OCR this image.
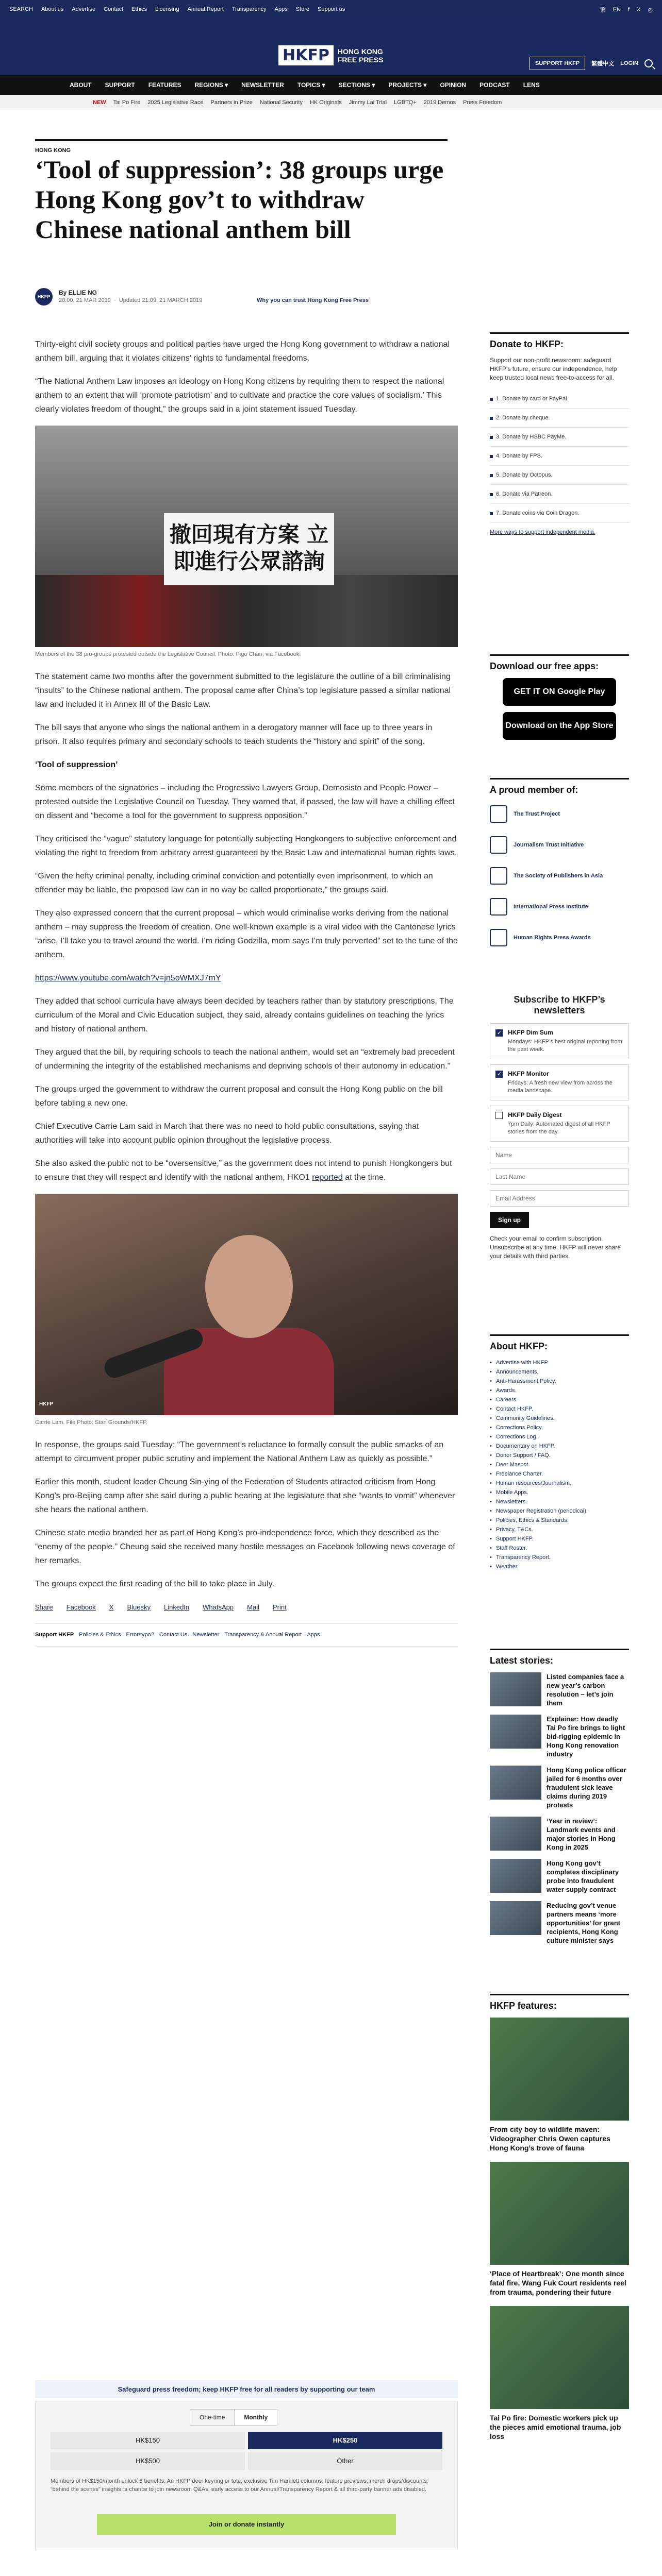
SEARCH About us Advertise Contact Ethics Licensing Annual Report Transparency Apps Store Support us	繁 EN f X ◎
HKFP	HONG KONG
FREE PRESS	SUPPORT HKFP	繁體中文 LOGIN
ABOUT SUPPORT FEATURES REGIONS ▾ NEWSLETTER TOPICS ▾ SECTIONS ▾ PROJECTS ▾ OPINION PODCAST LENS
NEW Tai Po Fire 2025 Legislative Race Partners in Prize National Security HK Originals Jimmy Lai Trial LGBTQ+ 2019 Demos Press Freedom
HONG KONG
‘Tool of suppression’: 38 groups urge Hong Kong gov’t to withdraw Chinese national anthem bill
HKFP
By ELLIE NG
20:00, 21 MAR 2019  ·  Updated 21:09, 21 MARCH 2019	Why you can trust Hong Kong Free Press

Thirty-eight civil society groups and political parties have urged the Hong Kong government to withdraw a national anthem bill, arguing that it violates citizens’ rights to fundamental freedoms.

“The National Anthem Law imposes an ideology on Hong Kong citizens by requiring them to respect the national anthem to an extent that will ‘promote patriotism’ and to cultivate and practice the core values of socialism.’ This clearly violates freedom of thought,” the groups said in a joint statement issued Tuesday.

撤回現有方案 立即進行公眾諮詢
Members of the 38 pro-groups protested outside the Legislative Council. Photo: Pigo Chan, via Facebook.

The statement came two months after the government submitted to the legislature the outline of a bill criminalising “insults” to the Chinese national anthem. The proposal came after China’s top legislature passed a similar national law and included it in Annex III of the Basic Law.

The bill says that anyone who sings the national anthem in a derogatory manner will face up to three years in prison. It also requires primary and secondary schools to teach students the “history and spirit” of the song.

‘Tool of suppression’

Some members of the signatories – including the Progressive Lawyers Group, Demosisto and People Power – protested outside the Legislative Council on Tuesday. They warned that, if passed, the law will have a chilling effect on dissent and “become a tool for the government to suppress opposition.”

They criticised the “vague” statutory language for potentially subjecting Hongkongers to subjective enforcement and violating the right to freedom from arbitrary arrest guaranteed by the Basic Law and international human rights laws.

“Given the hefty criminal penalty, including criminal conviction and potentially even imprisonment, to which an offender may be liable, the proposed law can in no way be called proportionate,” the groups said.

They also expressed concern that the current proposal – which would criminalise works deriving from the national anthem – may suppress the freedom of creation. One well-known example is a viral video with the Cantonese lyrics “arise, I’ll take you to travel around the world. I’m riding Godzilla, mom says I’m truly perverted” set to the tune of the anthem.

https://www.youtube.com/watch?v=jn5oWMXJ7mY

They added that school curricula have always been decided by teachers rather than by statutory prescriptions. The curriculum of the Moral and Civic Education subject, they said, already contains guidelines on teaching the lyrics and history of national anthem.

They argued that the bill, by requiring schools to teach the national anthem, would set an “extremely bad precedent of undermining the integrity of the established mechanisms and depriving schools of their autonomy in education.”

The groups urged the government to withdraw the current proposal and consult the Hong Kong public on the bill before tabling a new one.

Chief Executive Carrie Lam said in March that there was no need to hold public consultations, saying that authorities will take into account public opinion throughout the legislative process.

She also asked the public not to be “oversensitive,” as the government does not intend to punish Hongkongers but to ensure that they will respect and identify with the national anthem, HKO1 reported at the time.

HKFP
Carrie Lam. File Photo: Stan Grounds/HKFP.

In response, the groups said Tuesday: “The government’s reluctance to formally consult the public smacks of an attempt to circumvent proper public scrutiny and implement the National Anthem Law as quickly as possible.”

Earlier this month, student leader Cheung Sin-ying of the Federation of Students attracted criticism from Hong Kong’s pro-Beijing camp after she said during a public hearing at the legislature that she “wants to vomit” whenever she hears the national anthem.

Chinese state media branded her as part of Hong Kong’s pro-independence force, which they described as the “enemy of the people.” Cheung said she received many hostile messages on Facebook following news coverage of her remarks.

The groups expect the first reading of the bill to take place in July.

Share Facebook X Bluesky LinkedIn WhatsApp Mail Print
Support HKFP Policies & Ethics Error/typo? Contact Us Newsletter Transparency & Annual Report Apps
Safeguard press freedom; keep HKFP free for all readers by supporting our team
One-time	Monthly
HK$150	HK$250
HK$500	Other
Members of HK$150/month unlock 8 benefits: An HKFP deer keyring or tote, exclusive Tim Hamlett columns; feature previews; merch drops/discounts; “behind the scenes” insights; a chance to join newsroom Q&As, early access to our Annual/Transparency Report & all third-party banner ads disabled.
Join or donate instantly
Donate to HKFP:

Support our non-profit newsroom: safeguard HKFP’s future, ensure our independence, help keep trusted local news free-to-access for all.

1. Donate by card or PayPal.
2. Donate by cheque.
3. Donate by HSBC PayMe.
4. Donate by FPS.
5. Donate by Octopus.
6. Donate via Patreon.
7. Donate coins via Coin Dragon.
More ways to support independent media.
Download our free apps:
GET IT ON Google Play
Download on the App Store
A proud member of:
The Trust Project
Journalism Trust Initiative
The Society of Publishers in Asia
International Press Institute
Human Rights Press Awards
Subscribe to HKFP’s newsletters
✓
HKFP Dim Sum
Mondays: HKFP’s best original reporting from the past week.
✓
HKFP Monitor
Fridays: A fresh new view from across the media landscape.
HKFP Daily Digest
7pm Daily: Automated digest of all HKFP stories from the day.
Name Last Name Email Address Sign up

Check your email to confirm subscription. Unsubscribe at any time. HKFP will never share your details with third parties.

About HKFP:
• Advertise with HKFP.
• Announcements.
• Anti-Harassment Policy.
• Awards.
• Careers.
• Contact HKFP.
• Community Guidelines.
• Corrections Policy.
• Corrections Log.
• Documentary on HKFP.
• Donor Support / FAQ.
• Deer Mascot.
• Freelance Charter.
• Human resources/Journalism.
• Mobile Apps.
• Newsletters.
• Newspaper Registration (periodical).
• Policies, Ethics & Standards.
• Privacy, T&Cs.
• Support HKFP.
• Staff Roster.
• Transparency Report.
• Weather.
Latest stories:
Listed companies face a new year’s carbon resolution – let’s join them
Explainer: How deadly Tai Po fire brings to light bid-rigging epidemic in Hong Kong renovation industry
Hong Kong police officer jailed for 6 months over fraudulent sick leave claims during 2019 protests
‘Year in review’: Landmark events and major stories in Hong Kong in 2025
Hong Kong gov’t completes disciplinary probe into fraudulent water supply contract
Reducing gov’t venue partners means ‘more opportunities’ for grant recipients, Hong Kong culture minister says
HKFP features:
From city boy to wildlife maven: Videographer Chris Owen captures Hong Kong’s trove of fauna
‘Place of Heartbreak’: One month since fatal fire, Wang Fuk Court residents reel from trauma, pondering their future
Tai Po fire: Domestic workers pick up the pieces amid emotional trauma, job loss
